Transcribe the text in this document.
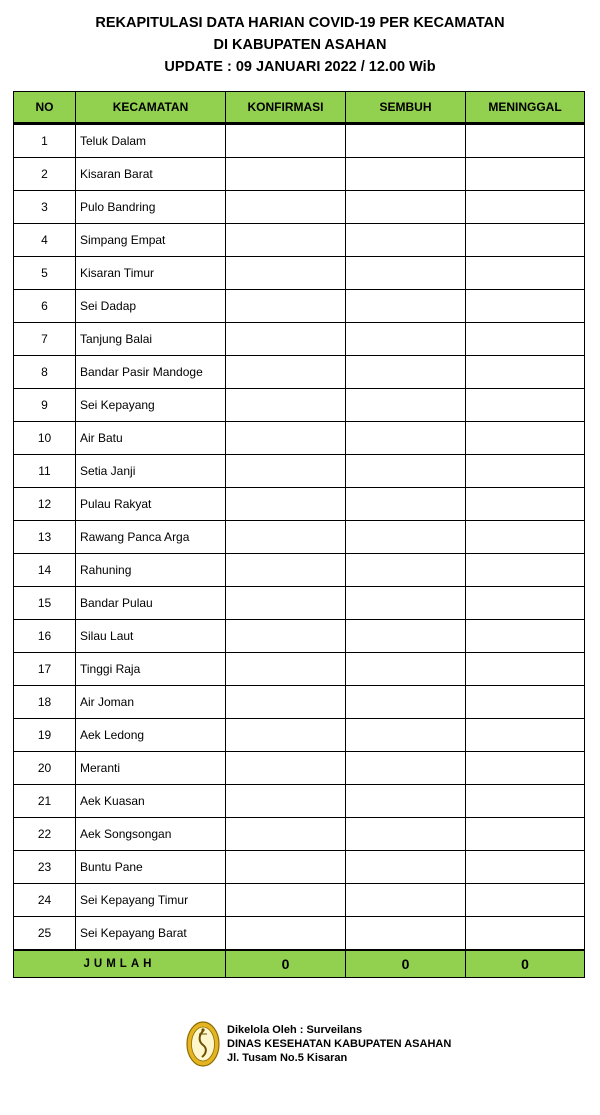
REKAPITULASI DATA HARIAN COVID-19 PER KECAMATAN
DI KABUPATEN ASAHAN
UPDATE : 09 JANUARI 2022 / 12.00 Wib
NO	KECAMATAN	KONFIRMASI	SEMBUH	MENINGGAL
1	Teluk Dalam			
2	Kisaran Barat			
3	Pulo Bandring			
4	Simpang Empat			
5	Kisaran Timur			
6	Sei Dadap			
7	Tanjung Balai			
8	Bandar Pasir Mandoge			
9	Sei Kepayang			
10	Air Batu			
11	Setia Janji			
12	Pulau Rakyat			
13	Rawang Panca Arga			
14	Rahuning			
15	Bandar Pulau			
16	Silau Laut			
17	Tinggi Raja			
18	Air Joman			
19	Aek Ledong			
20	Meranti			
21	Aek Kuasan			
22	Aek Songsongan			
23	Buntu Pane			
24	Sei Kepayang Timur			
25	Sei Kepayang Barat			
JUMLAH		0	0	0
Dikelola Oleh : Surveilans
DINAS KESEHATAN KABUPATEN ASAHAN
Jl. Tusam No.5 Kisaran
